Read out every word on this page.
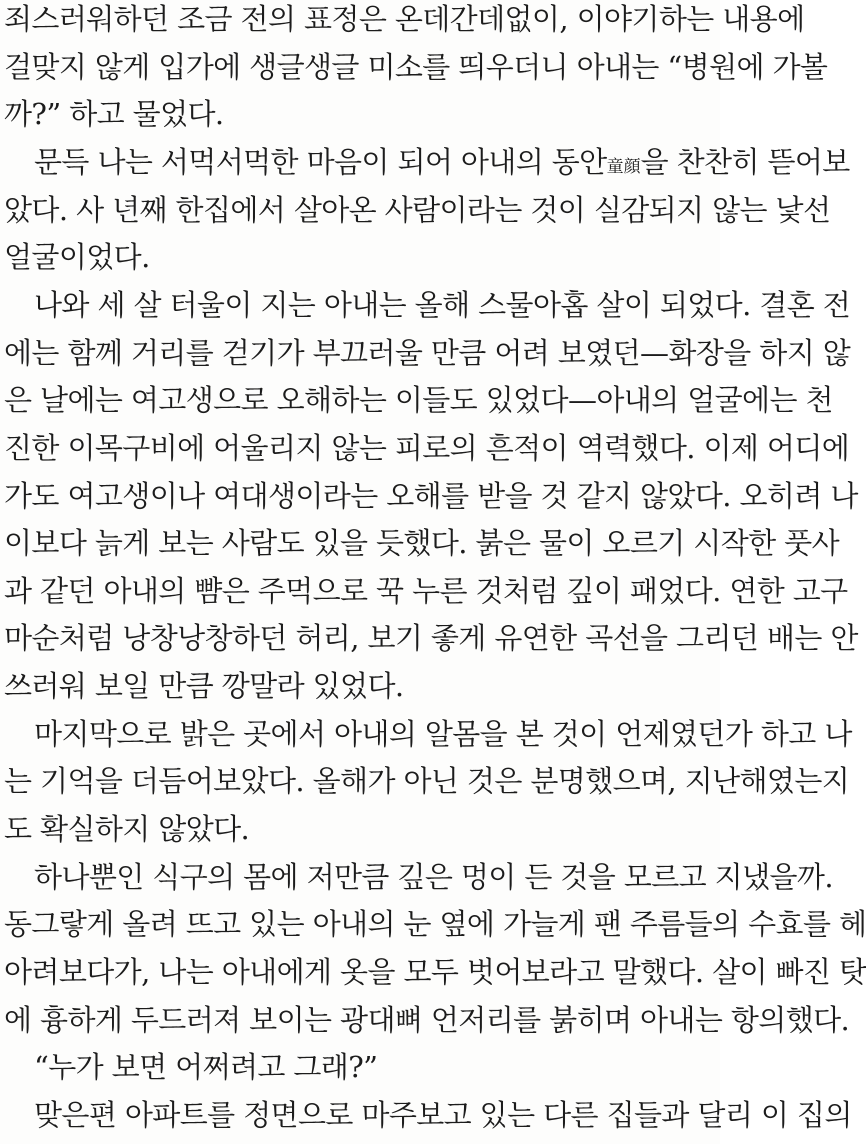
죄스러워하던 조금 전의 표정은 온데간데없이, 이야기하는 내용에
걸맞지 않게 입가에 생글생글 미소를 띄우더니 아내는 “병원에 가볼
까?” 하고 물었다.
문득 나는 서먹서먹한 마음이 되어 아내의 동안童顔을 찬찬히 뜯어보
았다. 사 년째 한집에서 살아온 사람이라는 것이 실감되지 않는 낯선
얼굴이었다.
나와 세 살 터울이 지는 아내는 올해 스물아홉 살이 되었다. 결혼 전
에는 함께 거리를 걷기가 부끄러울 만큼 어려 보였던—화장을 하지 않
은 날에는 여고생으로 오해하는 이들도 있었다—아내의 얼굴에는 천
진한 이목구비에 어울리지 않는 피로의 흔적이 역력했다. 이제 어디에
가도 여고생이나 여대생이라는 오해를 받을 것 같지 않았다. 오히려 나
이보다 늙게 보는 사람도 있을 듯했다. 붉은 물이 오르기 시작한 풋사
과 같던 아내의 뺨은 주먹으로 꾹 누른 것처럼 깊이 패었다. 연한 고구
마순처럼 낭창낭창하던 허리, 보기 좋게 유연한 곡선을 그리던 배는 안
쓰러워 보일 만큼 깡말라 있었다.
마지막으로 밝은 곳에서 아내의 알몸을 본 것이 언제였던가 하고 나
는 기억을 더듬어보았다. 올해가 아닌 것은 분명했으며, 지난해였는지
도 확실하지 않았다.
하나뿐인 식구의 몸에 저만큼 깊은 멍이 든 것을 모르고 지냈을까.
동그랗게 올려 뜨고 있는 아내의 눈 옆에 가늘게 팬 주름들의 수효를 헤
아려보다가, 나는 아내에게 옷을 모두 벗어보라고 말했다. 살이 빠진 탓
에 흉하게 두드러져 보이는 광대뼈 언저리를 붉히며 아내는 항의했다.
“누가 보면 어쩌려고 그래?”
맞은편 아파트를 정면으로 마주보고 있는 다른 집들과 달리 이 집의
